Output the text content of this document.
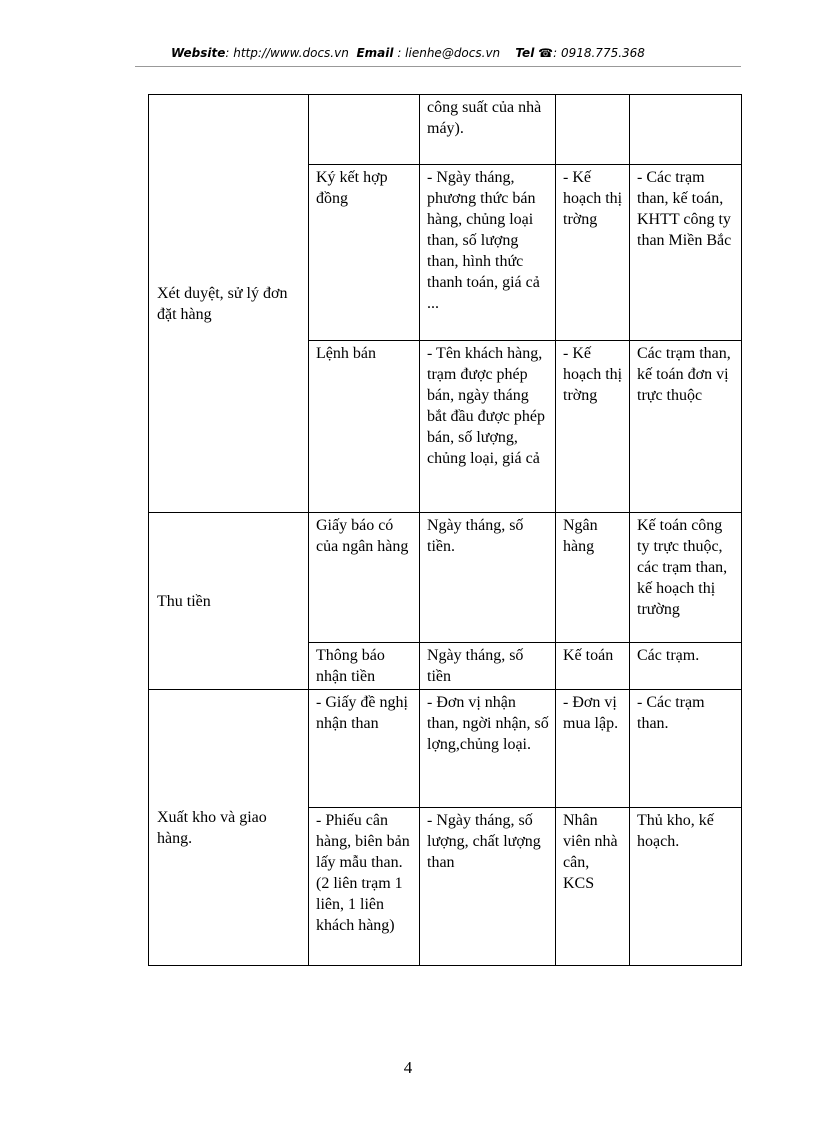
Website: http://www.docs.vn Email : lienhe@docs.vn Tel ☎: 0918.775.368
Xét duyệt, sử lý đơn đặt hàng		công suất của nhà máy).		
	Ký kết hợp đồng	- Ngày tháng, phương thức bán hàng, chủng loại than, số lượng than, hình thức thanh toán, giá cả ...	- Kế hoạch thị trờng	- Các trạm than, kế toán, KHTT công ty than Miền Bắc
	Lệnh bán	- Tên khách hàng, trạm được phép bán, ngày tháng bắt đầu được phép bán, số lượng, chủng loại, giá cả	- Kế hoạch thị trờng	Các trạm than, kế toán đơn vị trực thuộc
Thu tiền	Giấy báo có của ngân hàng	Ngày tháng, số tiền.	Ngân hàng	Kế toán công ty trực thuộc, các trạm than, kế hoạch thị trường
	Thông báo nhận tiền	Ngày tháng, số tiền	Kế toán	Các trạm.
Xuất kho và giao hàng.	- Giấy đề nghị nhận than	- Đơn vị nhận than, ngời nhận, số lợng,chủng loại.	- Đơn vị mua lập.	- Các trạm than.
	- Phiếu cân hàng, biên bản lấy mẫu than.(2 liên trạm 1 liên, 1 liên khách hàng)	- Ngày tháng, số lượng, chất lượng than	Nhân viên nhà cân, KCS	Thủ kho, kế hoạch.
4
